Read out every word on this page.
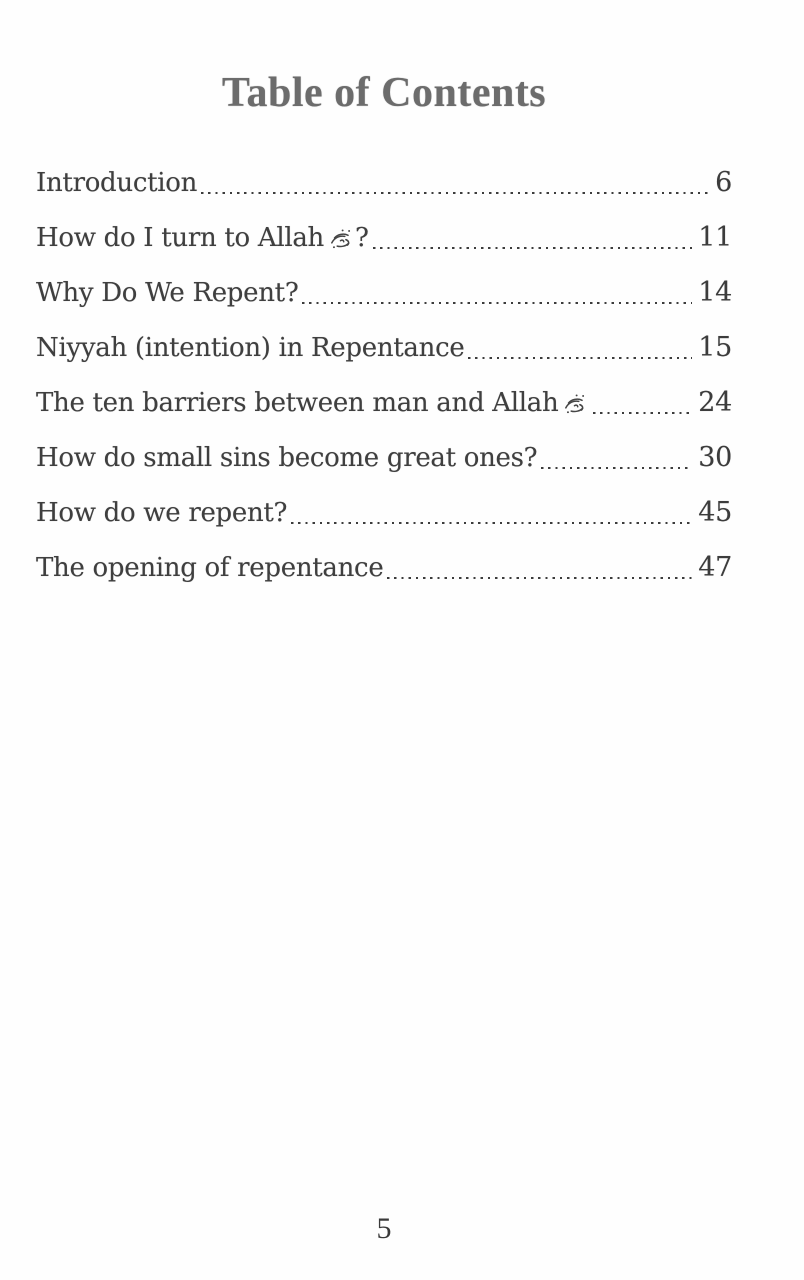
Table of Contents
Introduction	6
How do I turn to Allah ?	11
Why Do We Repent?	14
Niyyah (intention) in Repentance	15
The ten barriers between man and Allah	24
How do small sins become great ones?	30
How do we repent?	45
The opening of repentance	47
5
